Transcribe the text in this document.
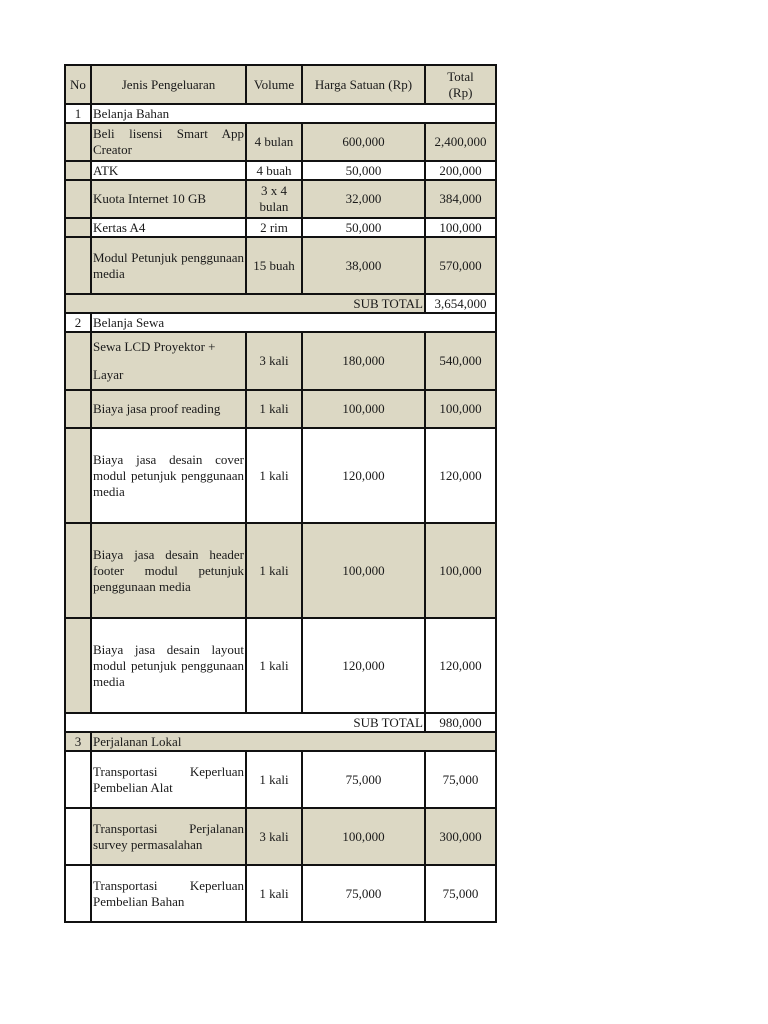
No	Jenis Pengeluaran	Volume	Harga Satuan (Rp)	Total
(Rp)

1	Belanja Bahan			
	Beli lisensi Smart App Creator	4 bulan	600,000	2,400,000
	ATK	4 buah	50,000	200,000
	Kuota Internet 10 GB	3 x 4 bulan	32,000	384,000
	Kertas A4	2 rim	50,000	100,000
	Modul Petunjuk penggunaan media	15 buah	38,000	570,000
SUB TOTAL				3,654,000
2	Belanja Sewa			
	Sewa LCD Proyektor + Layar	3 kali	180,000	540,000
	Biaya jasa proof reading	1 kali	100,000	100,000
	Biaya jasa desain cover modul petunjuk penggunaan media	1 kali	120,000	120,000
	Biaya jasa desain header footer modul petunjuk penggunaan media	1 kali	100,000	100,000
	Biaya jasa desain layout modul petunjuk penggunaan media	1 kali	120,000	120,000
SUB TOTAL				980,000
3	Perjalanan Lokal			
	Transportasi Keperluan Pembelian Alat	1 kali	75,000	75,000
	Transportasi Perjalanan survey permasalahan	3 kali	100,000	300,000
	Transportasi Keperluan Pembelian Bahan	1 kali	75,000	75,000
